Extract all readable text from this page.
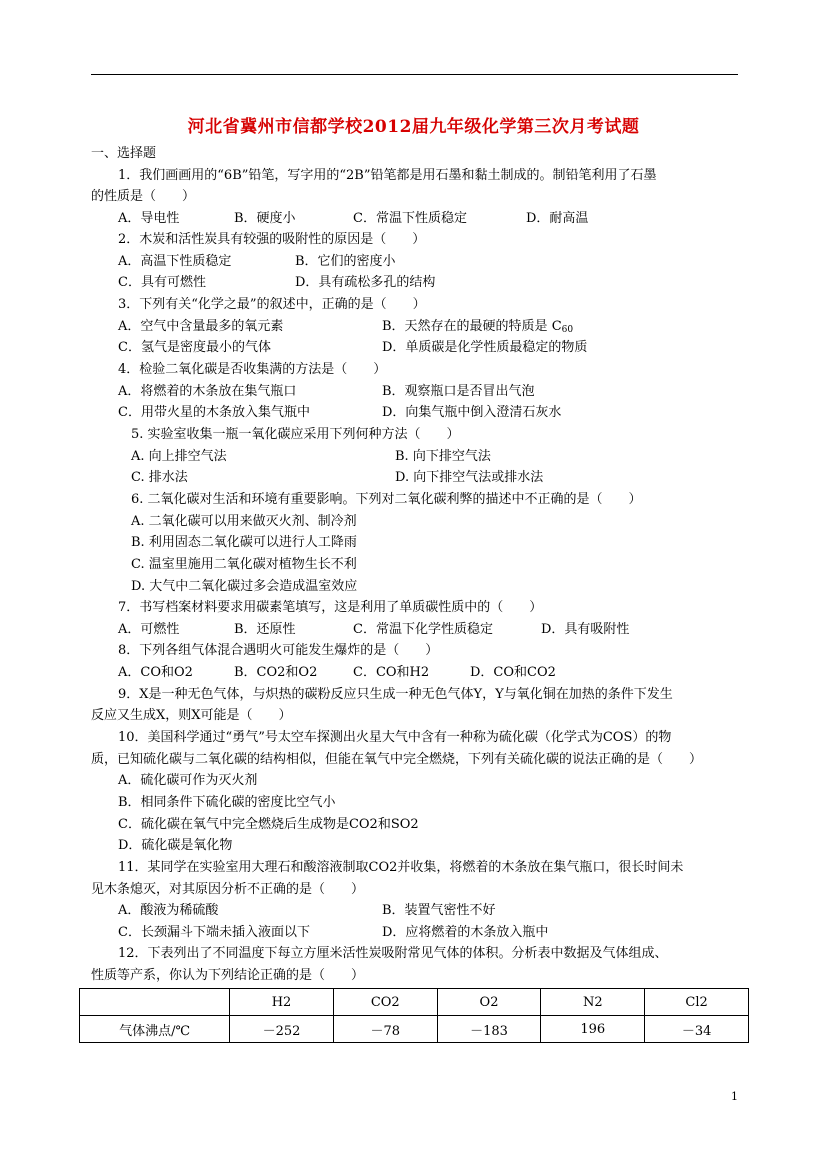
河北省冀州市信都学校2012届九年级化学第三次月考试题
一、选择题
1．我们画画用的“6B”铅笔，写字用的“2B”铅笔都是用石墨和黏土制成的。制铅笔利用了石墨
的性质是（　　）
A．导电性	B．硬度小	C．常温下性质稳定	D．耐高温
2．木炭和活性炭具有较强的吸附性的原因是（　　）
A．高温下性质稳定	B．它们的密度小
C．具有可燃性	D．具有疏松多孔的结构
3．下列有关“化学之最”的叙述中，正确的是（　　）
A．空气中含量最多的氧元素	B．天然存在的最硬的特质是 $C_{60}$
C．氢气是密度最小的气体	D．单质碳是化学性质最稳定的物质
4．检验二氧化碳是否收集满的方法是（　　）
A．将燃着的木条放在集气瓶口	B．观察瓶口是否冒出气泡
C．用带火星的木条放入集气瓶中	D．向集气瓶中倒入澄清石灰水
5. 实验室收集一瓶一氧化碳应采用下列何种方法（　　）
A. 向上排空气法	B. 向下排空气法
C. 排水法	D. 向下排空气法或排水法
6. 二氧化碳对生活和环境有重要影响。下列对二氧化碳利弊的描述中不正确的是（　　）
A. 二氧化碳可以用来做灭火剂、制冷剂
B. 利用固态二氧化碳可以进行人工降雨
C. 温室里施用二氧化碳对植物生长不利
D. 大气中二氧化碳过多会造成温室效应
7．书写档案材料要求用碳素笔填写，这是利用了单质碳性质中的（　　）
A．可燃性	B．还原性	C．常温下化学性质稳定	D．具有吸附性
8．下列各组气体混合遇明火可能发生爆炸的是（　　）
A．CO和O2	B．CO2和O2	C．CO和H2	D．CO和CO2
9．X是一种无色气体，与炽热的碳粉反应只生成一种无色气体Y，Y与氧化铜在加热的条件下发生
反应又生成X，则X可能是（　　）
10．美国科学通过“勇气”号太空车探测出火星大气中含有一种称为硫化碳（化学式为COS）的物
质，已知硫化碳与二氧化碳的结构相似，但能在氧气中完全燃烧，下列有关硫化碳的说法正确的是（　　）
A．硫化碳可作为灭火剂
B．相同条件下硫化碳的密度比空气小
C．硫化碳在氧气中完全燃烧后生成物是CO2和SO2
D．硫化碳是氧化物
11．某同学在实验室用大理石和酸溶液制取CO2并收集，将燃着的木条放在集气瓶口，很长时间未
见木条熄灭，对其原因分析不正确的是（　　）
A．酸液为稀硫酸	B．装置气密性不好
C．长颈漏斗下端未插入液面以下	D．应将燃着的木条放入瓶中
12．下表列出了不同温度下每立方厘米活性炭吸附常见气体的体积。分析表中数据及气体组成、
性质等产系，你认为下列结论正确的是（　　）
	H2	CO2	O2	N2	Cl2
气体沸点/℃	－252	－78	－183	196	－34
1
